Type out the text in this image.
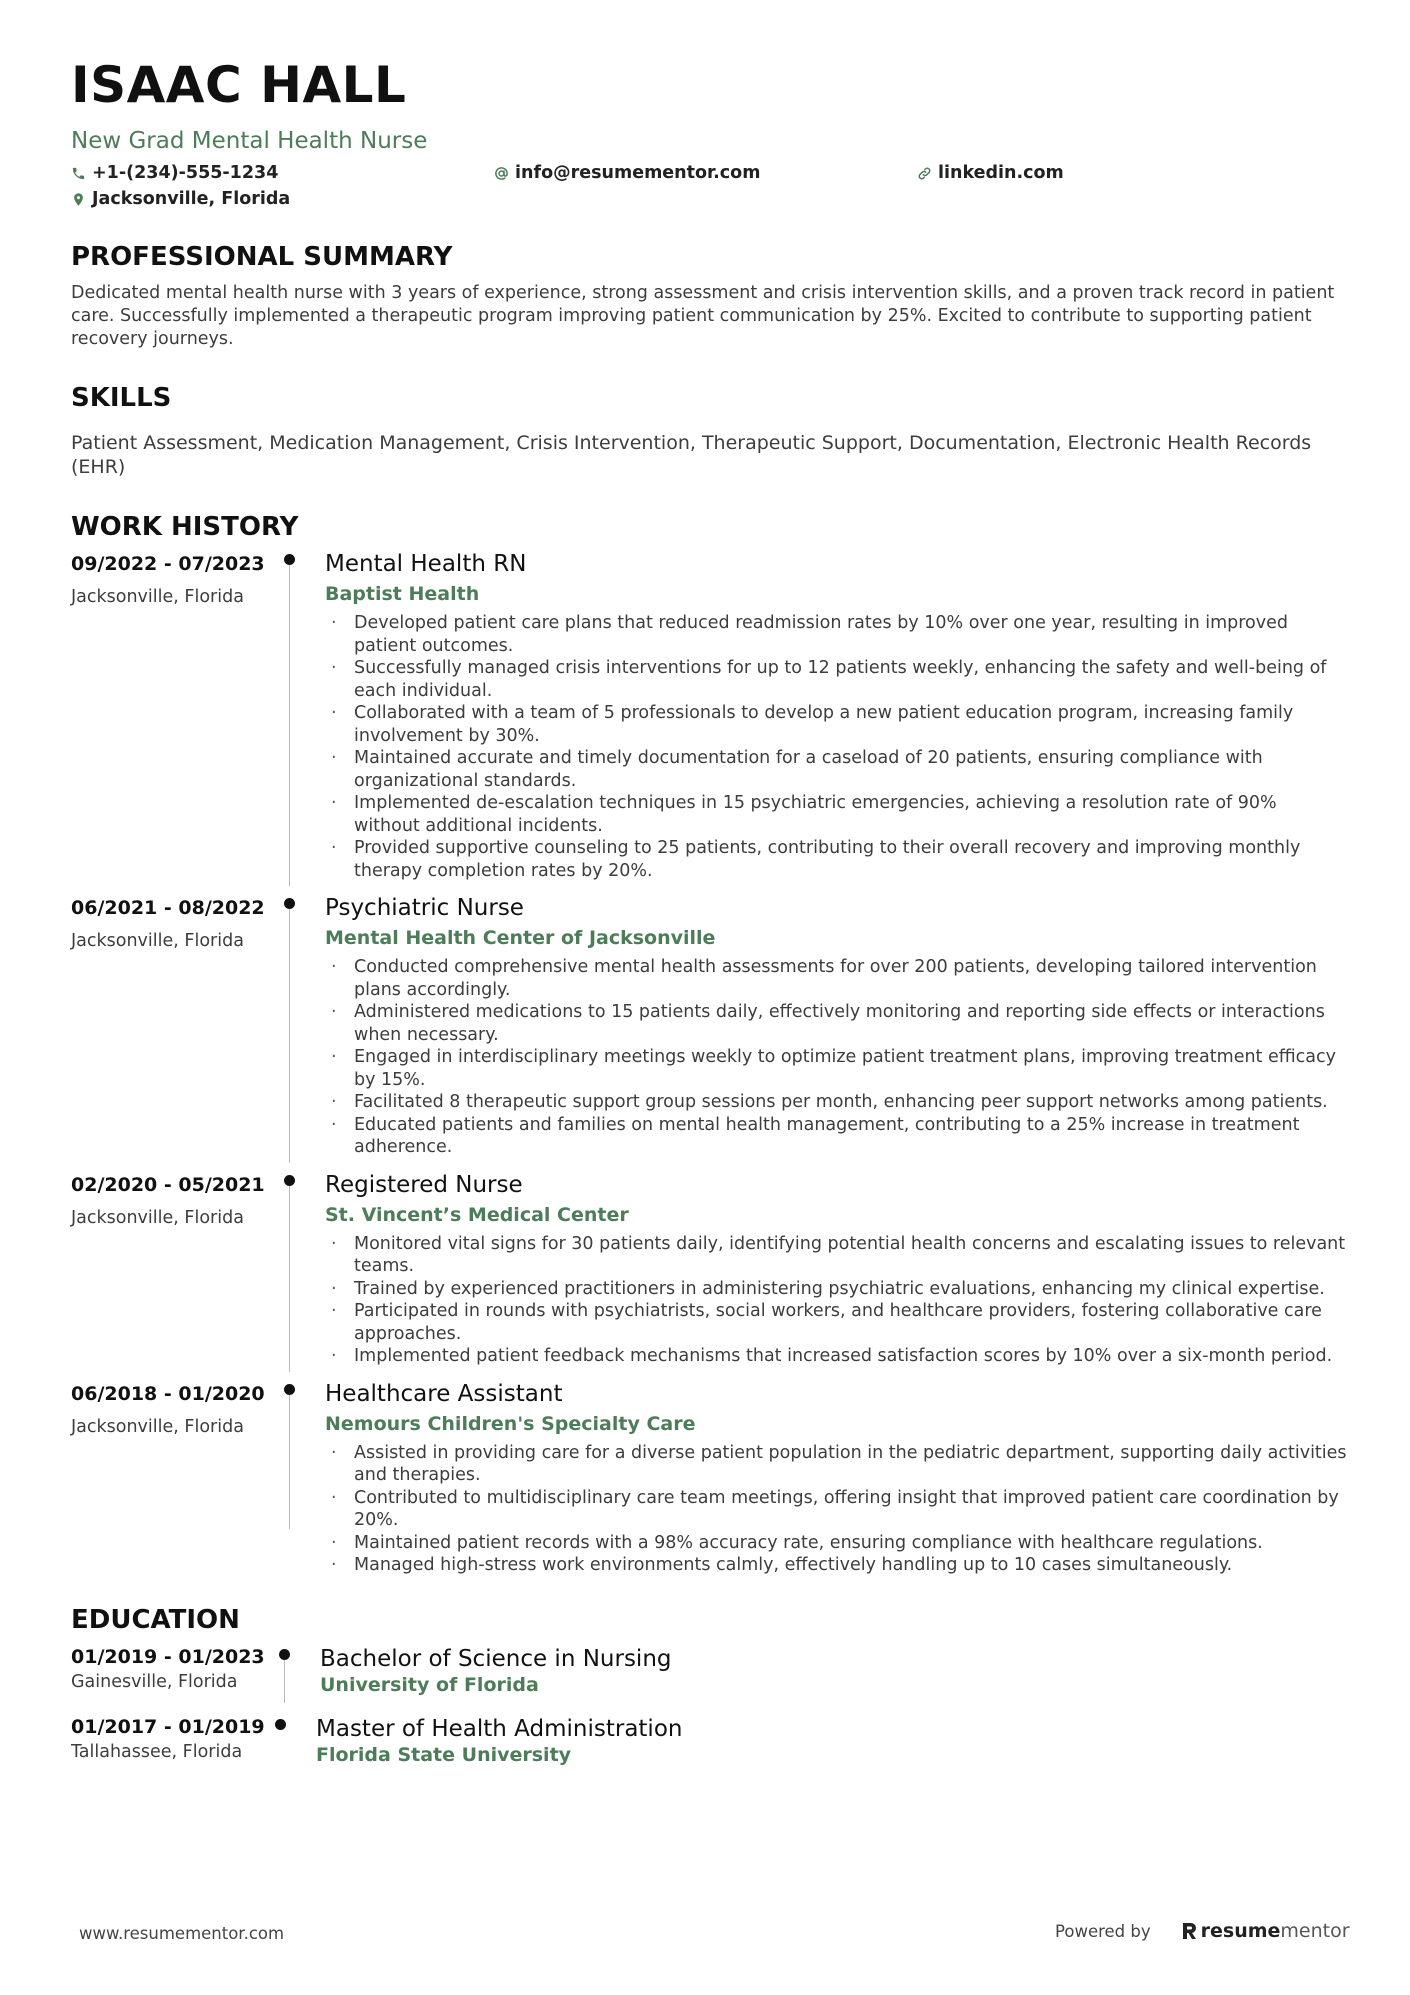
ISAAC HALL
New Grad Mental Health Nurse
+1-(234)-555-1234	info@resumementor.com	linkedin.com
Jacksonville, Florida
PROFESSIONAL SUMMARY
Dedicated mental health nurse with 3 years of experience, strong assessment and crisis intervention skills, and a proven track record in patient care. Successfully implemented a therapeutic program improving patient communication by 25%. Excited to contribute to supporting patient recovery journeys.
SKILLS
Patient Assessment, Medication Management, Crisis Intervention, Therapeutic Support, Documentation, Electronic Health Records (EHR)
WORK HISTORY
09/2022 - 07/2023
Jacksonville, Florida
Mental Health RN
Baptist Health
· Developed patient care plans that reduced readmission rates by 10% over one year, resulting in improved patient outcomes.
· Successfully managed crisis interventions for up to 12 patients weekly, enhancing the safety and well-being of each individual.
· Collaborated with a team of 5 professionals to develop a new patient education program, increasing family involvement by 30%.
· Maintained accurate and timely documentation for a caseload of 20 patients, ensuring compliance with organizational standards.
· Implemented de-escalation techniques in 15 psychiatric emergencies, achieving a resolution rate of 90% without additional incidents.
· Provided supportive counseling to 25 patients, contributing to their overall recovery and improving monthly therapy completion rates by 20%.
06/2021 - 08/2022
Jacksonville, Florida
Psychiatric Nurse
Mental Health Center of Jacksonville
· Conducted comprehensive mental health assessments for over 200 patients, developing tailored intervention plans accordingly.
· Administered medications to 15 patients daily, effectively monitoring and reporting side effects or interactions when necessary.
· Engaged in interdisciplinary meetings weekly to optimize patient treatment plans, improving treatment efficacy by 15%.
· Facilitated 8 therapeutic support group sessions per month, enhancing peer support networks among patients.
· Educated patients and families on mental health management, contributing to a 25% increase in treatment adherence.
02/2020 - 05/2021
Jacksonville, Florida
Registered Nurse
St. Vincent’s Medical Center
· Monitored vital signs for 30 patients daily, identifying potential health concerns and escalating issues to relevant teams.
· Trained by experienced practitioners in administering psychiatric evaluations, enhancing my clinical expertise.
· Participated in rounds with psychiatrists, social workers, and healthcare providers, fostering collaborative care approaches.
· Implemented patient feedback mechanisms that increased satisfaction scores by 10% over a six-month period.
06/2018 - 01/2020
Jacksonville, Florida
Healthcare Assistant
Nemours Children's Specialty Care
· Assisted in providing care for a diverse patient population in the pediatric department, supporting daily activities and therapies.
· Contributed to multidisciplinary care team meetings, offering insight that improved patient care coordination by 20%.
· Maintained patient records with a 98% accuracy rate, ensuring compliance with healthcare regulations.
· Managed high-stress work environments calmly, effectively handling up to 10 cases simultaneously.
EDUCATION
01/2019 - 01/2023
Gainesville, Florida
Bachelor of Science in Nursing
University of Florida
01/2017 - 01/2019
Tallahassee, Florida
Master of Health Administration
Florida State University
www.resumementor.com	Powered by	resume mentor
